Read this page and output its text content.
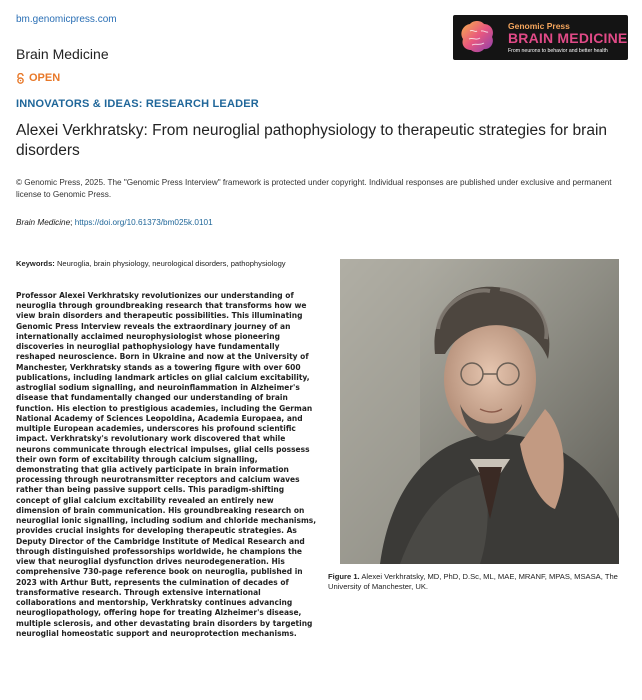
bm.genomicpress.com
Brain Medicine
OPEN
Genomic Press
BRAIN MEDICINE
From neurons to behavior and better health
INNOVATORS & IDEAS: RESEARCH LEADER
Alexei Verkhratsky: From neuroglial pathophysiology to therapeutic strategies for brain disorders

© Genomic Press, 2025. The "Genomic Press Interview" framework is protected under copyright. Individual responses are published under exclusive and permanent license to Genomic Press.

Brain Medicine; https://doi.org/10.61373/bm025k.0101
Keywords: Neuroglia, brain physiology, neurological disorders, pathophysiology

Professor Alexei Verkhratsky revolutionizes our understanding of neuroglia through groundbreaking research that transforms how we view brain disorders and therapeutic possibilities. This illuminating Genomic Press Interview reveals the extraordinary journey of an internationally acclaimed neurophysiologist whose pioneering discoveries in neuroglial pathophysiology have fundamentally reshaped neuroscience. Born in Ukraine and now at the University of Manchester, Verkhratsky stands as a towering figure with over 600 publications, including landmark articles on glial calcium excitability, astroglial sodium signalling, and neuroinflammation in Alzheimer's disease that fundamentally changed our understanding of brain function. His election to prestigious academies, including the German National Academy of Sciences Leopoldina, Academia Europaea, and multiple European academies, underscores his profound scientific impact. Verkhratsky's revolutionary work discovered that while neurons communicate through electrical impulses, glial cells possess their own form of excitability through calcium signalling, demonstrating that glia actively participate in brain information processing through neurotransmitter receptors and calcium waves rather than being passive support cells. This paradigm-shifting concept of glial calcium excitability revealed an entirely new dimension of brain communication. His groundbreaking research on neuroglial ionic signalling, including sodium and chloride mechanisms, provides crucial insights for developing therapeutic strategies. As Deputy Director of the Cambridge Institute of Medical Research and through distinguished professorships worldwide, he champions the view that neuroglial dysfunction drives neurodegeneration. His comprehensive 730-page reference book on neuroglia, published in 2023 with Arthur Butt, represents the culmination of decades of transformative research. Through extensive international collaborations and mentorship, Verkhratsky continues advancing neurogliopathology, offering hope for treating Alzheimer's disease, multiple sclerosis, and other devastating brain disorders by targeting neuroglial homeostatic support and neuroprotection mechanisms.

Figure 1. Alexei Verkhratsky, MD, PhD, D.Sc, ML, MAE, MRANF, MPAS, MSASA, The University of Manchester, UK.
